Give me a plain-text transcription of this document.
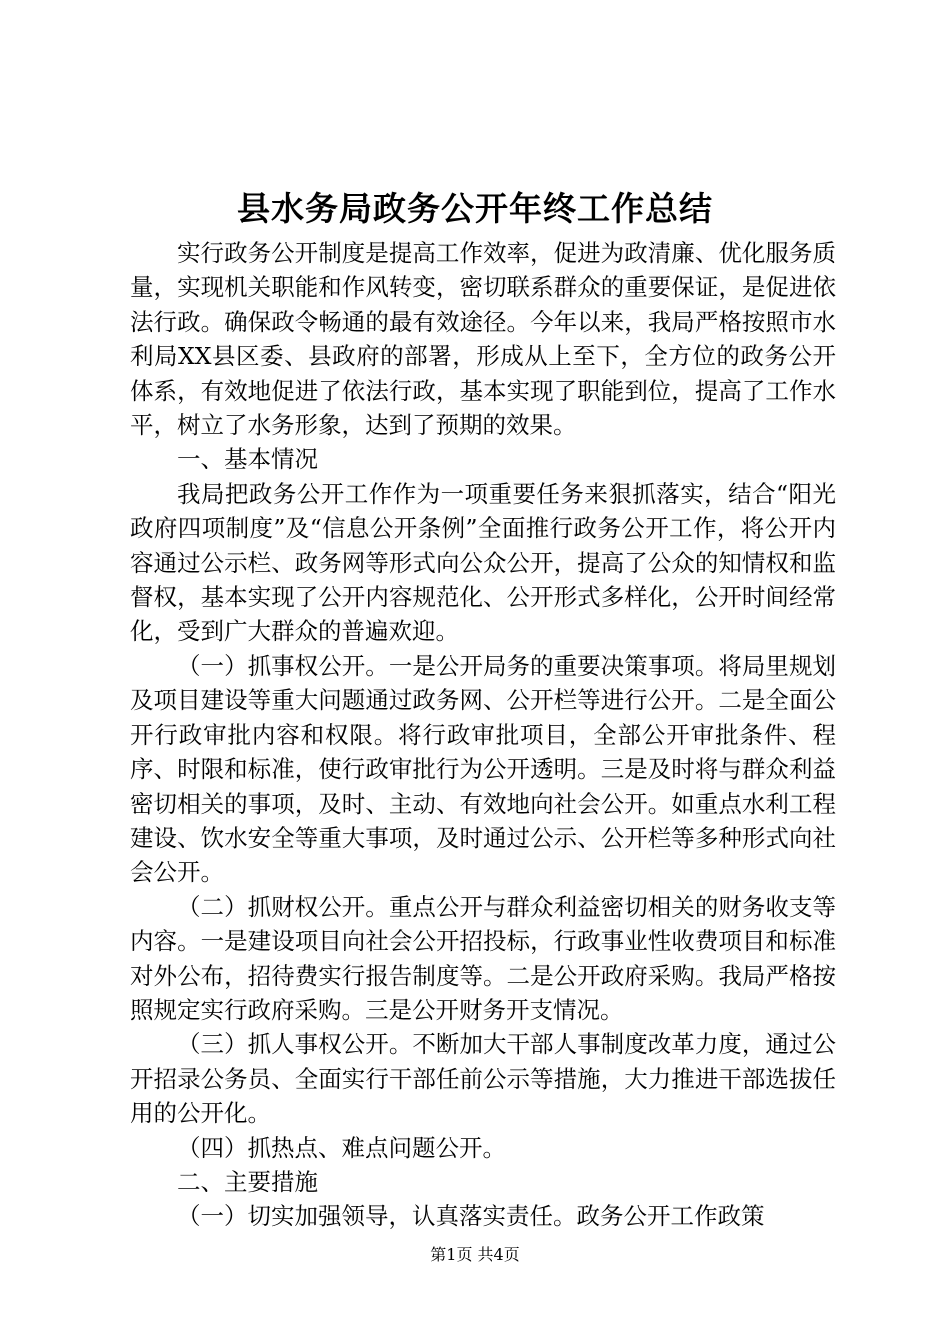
县水务局政务公开年终工作总结

实行政务公开制度是提高工作效率，促进为政清廉、优化服务质量，实现机关职能和作风转变，密切联系群众的重要保证，是促进依法行政。确保政令畅通的最有效途径。今年以来，我局严格按照市水利局XX县区委、县政府的部署，形成从上至下，全方位的政务公开体系，有效地促进了依法行政，基本实现了职能到位，提高了工作水平，树立了水务形象，达到了预期的效果。

一、基本情况

我局把政务公开工作作为一项重要任务来狠抓落实，结合“阳光政府四项制度”及“信息公开条例”全面推行政务公开工作，将公开内容通过公示栏、政务网等形式向公众公开，提高了公众的知情权和监督权，基本实现了公开内容规范化、公开形式多样化，公开时间经常化，受到广大群众的普遍欢迎。

（一）抓事权公开。一是公开局务的重要决策事项。将局里规划及项目建设等重大问题通过政务网、公开栏等进行公开。二是全面公开行政审批内容和权限。将行政审批项目，全部公开审批条件、程序、时限和标准，使行政审批行为公开透明。三是及时将与群众利益密切相关的事项，及时、主动、有效地向社会公开。如重点水利工程建设、饮水安全等重大事项，及时通过公示、公开栏等多种形式向社会公开。

（二）抓财权公开。重点公开与群众利益密切相关的财务收支等内容。一是建设项目向社会公开招投标，行政事业性收费项目和标准对外公布，招待费实行报告制度等。二是公开政府采购。我局严格按照规定实行政府采购。三是公开财务开支情况。

（三）抓人事权公开。不断加大干部人事制度改革力度，通过公开招录公务员、全面实行干部任前公示等措施，大力推进干部选拔任用的公开化。

（四）抓热点、难点问题公开。

二、主要措施

（一）切实加强领导，认真落实责任。政务公开工作政策

第1页 共4页
